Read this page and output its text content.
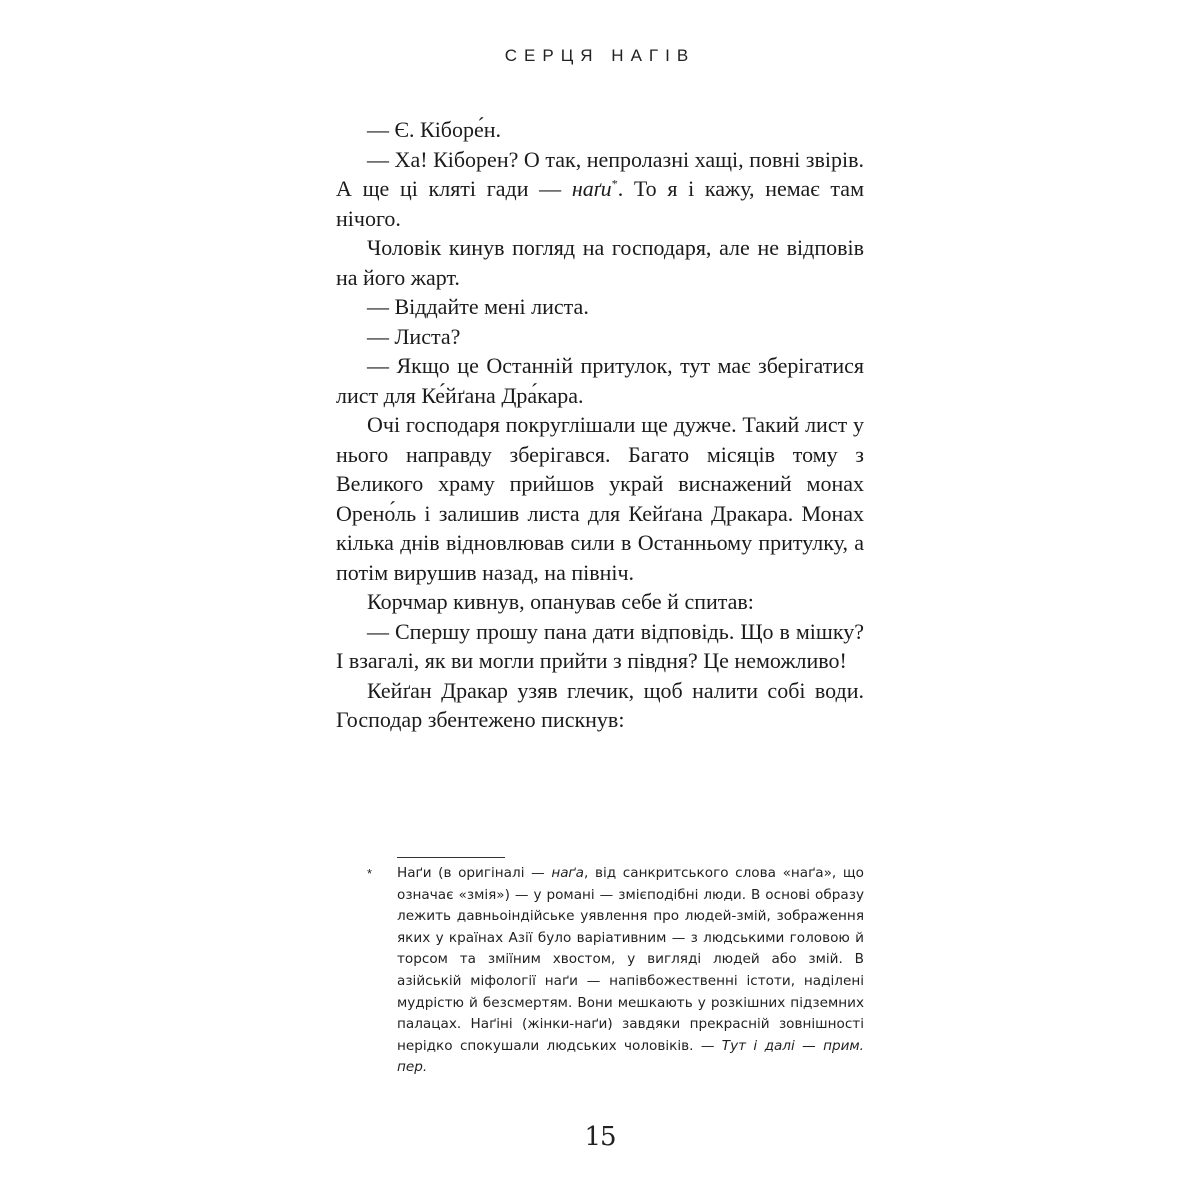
СЕРЦЯ НАГІВ

— Є. Кібоpе́н.

— Ха! Кіборен? О так, непролазні хащі, повні звірів. А ще ці кляті гади — наґи*. То я і кажу, немає там нічого.

Чоловік кинув погляд на господаря, але не відповів на його жарт.

— Віддайте мені листа.

— Листа?

— Якщо це Останній притулок, тут має зберігатися лист для Ке́йґана Дра́кара.

Очі господаря покруглішали ще дужче. Такий лист у нього направду зберігався. Багато місяців тому з Великого храму прийшов украй виснажений монах Орено́ль і залишив листа для Кейґана Дракара. Монах кілька днів відновлював сили в Останньому притулку, а потім вирушив назад, на північ.

Корчмар кивнув, опанував себе й спитав:

— Спершу прошу пана дати відповідь. Що в мішку? І взагалі, як ви могли прийти з півдня? Це неможливо!

Кейґан Дракар узяв глечик, щоб налити собі води. Господар збентежено пискнув:

* Наґи (в оригіналі — наґа, від санкритського слова «наґа», що означає «змія») — у романі — змієподібні люди. В основі образу лежить давньоіндійське уявлення про людей-змій, зображення яких у країнах Азії було варіативним — з людськими головою й торсом та зміїним хвостом, у вигляді людей або змій. В азійській міфології наґи — напівбожественні істоти, наділені мудрістю й безсмертям. Вони мешкають у розкішних підземних палацах. Наґіні (жінки-наґи) завдяки прекрасній зовнішності нерідко спокушали людських чоловіків. — Тут і далі — прим. пер.
15
